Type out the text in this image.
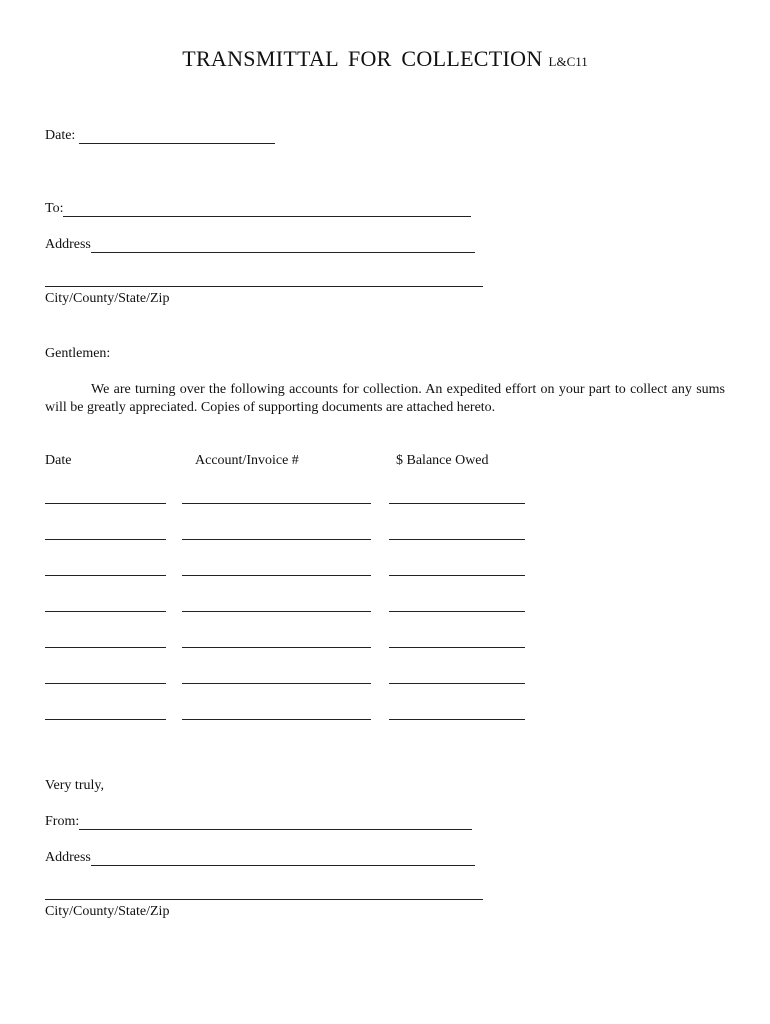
TRANSMITTAL FOR COLLECTION L&C11
Date:
To:
Address
City/County/State/Zip
Gentlemen:
We are turning over the following accounts for collection. An expedited effort on your part to collect any sums will be greatly appreciated. Copies of supporting documents are attached hereto.
Date	Account/Invoice #	$ Balance Owed
Very truly,
From:
Address
City/County/State/Zip
